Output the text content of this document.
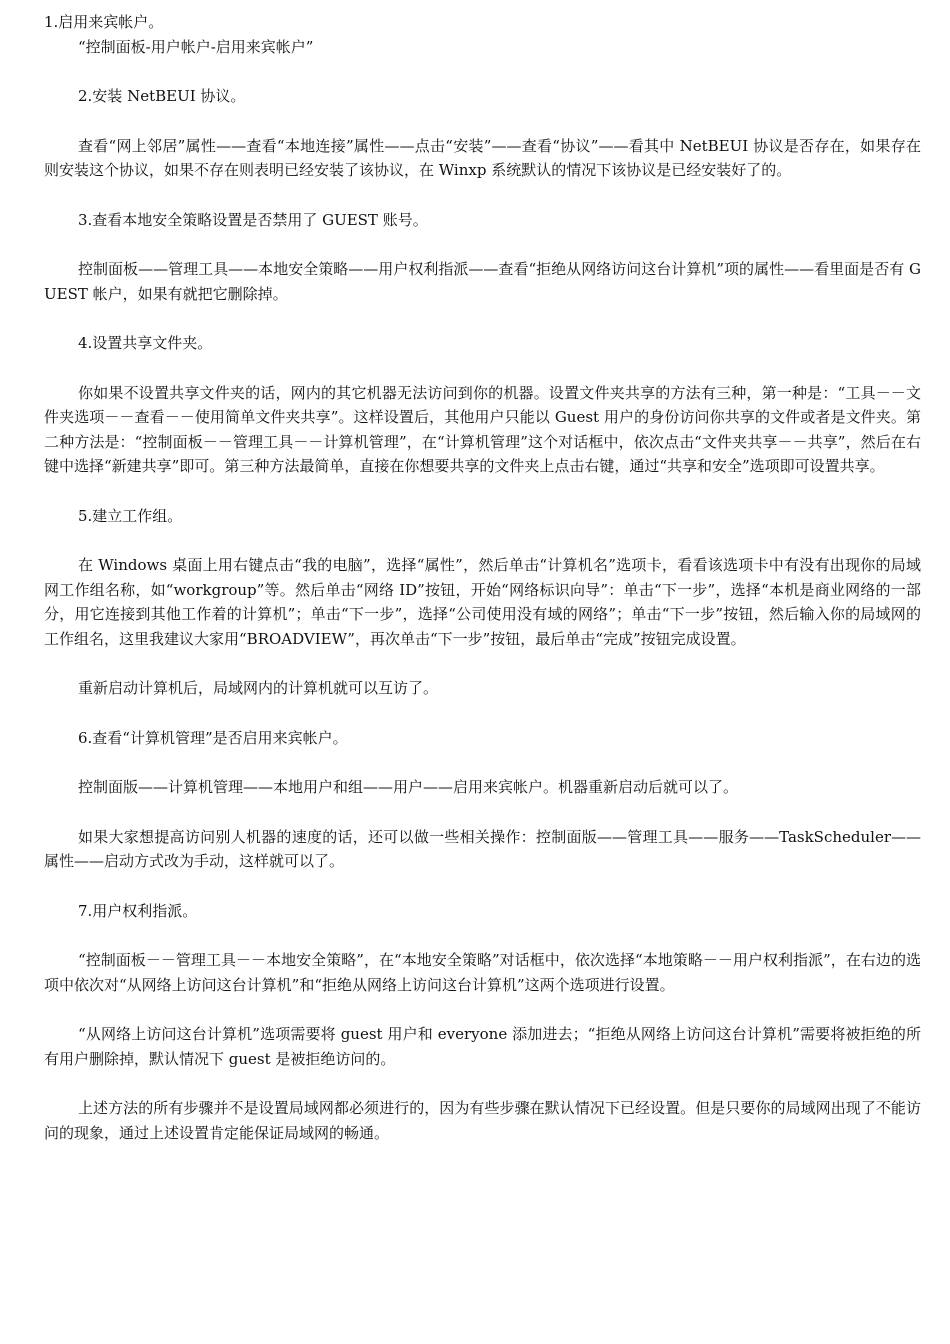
1.启用来宾帐户。

“控制面板-用户帐户-启用来宾帐户”

2.安装 NetBEUI 协议。

查看“网上邻居”属性——查看“本地连接”属性——点击“安装”——查看“协议”——看其中 NetBEUI 协议是否存在，如果存在则安装这个协议，如果不存在则表明已经安装了该协议，在 Winxp 系统默认的情况下该协议是已经安装好了的。

3.查看本地安全策略设置是否禁用了 GUEST 账号。

控制面板——管理工具——本地安全策略——用户权利指派——查看“拒绝从网络访问这台计算机”项的属性——看里面是否有 GUEST 帐户，如果有就把它删除掉。

4.设置共享文件夹。

你如果不设置共享文件夹的话，网内的其它机器无法访问到你的机器。设置文件夹共享的方法有三种，第一种是：“工具－－文件夹选项－－查看－－使用简单文件夹共享”。这样设置后，其他用户只能以 Guest 用户的身份访问你共享的文件或者是文件夹。第二种方法是：“控制面板－－管理工具－－计算机管理”，在“计算机管理”这个对话框中，依次点击“文件夹共享－－共享”，然后在右键中选择“新建共享”即可。第三种方法最简单，直接在你想要共享的文件夹上点击右键，通过“共享和安全”选项即可设置共享。

5.建立工作组。

在 Windows 桌面上用右键点击“我的电脑”，选择“属性”，然后单击“计算机名”选项卡，看看该选项卡中有没有出现你的局域网工作组名称，如“workgroup”等。然后单击“网络 ID”按钮，开始“网络标识向导”：单击“下一步”，选择“本机是商业网络的一部分，用它连接到其他工作着的计算机”；单击“下一步”，选择“公司使用没有域的网络”；单击“下一步”按钮，然后输入你的局域网的工作组名，这里我建议大家用“BROADVIEW”，再次单击“下一步”按钮，最后单击“完成”按钮完成设置。

重新启动计算机后，局域网内的计算机就可以互访了。

6.查看“计算机管理”是否启用来宾帐户。

控制面版——计算机管理——本地用户和组——用户——启用来宾帐户。机器重新启动后就可以了。

如果大家想提高访问别人机器的速度的话，还可以做一些相关操作：控制面版——管理工具——服务——TaskScheduler——属性——启动方式改为手动，这样就可以了。

7.用户权利指派。

“控制面板－－管理工具－－本地安全策略”，在“本地安全策略”对话框中，依次选择“本地策略－－用户权利指派”，在右边的选项中依次对“从网络上访问这台计算机”和“拒绝从网络上访问这台计算机”这两个选项进行设置。

“从网络上访问这台计算机”选项需要将 guest 用户和 everyone 添加进去；“拒绝从网络上访问这台计算机”需要将被拒绝的所有用户删除掉，默认情况下 guest 是被拒绝访问的。

上述方法的所有步骤并不是设置局域网都必须进行的，因为有些步骤在默认情况下已经设置。但是只要你的局域网出现了不能访问的现象，通过上述设置肯定能保证局域网的畅通。
